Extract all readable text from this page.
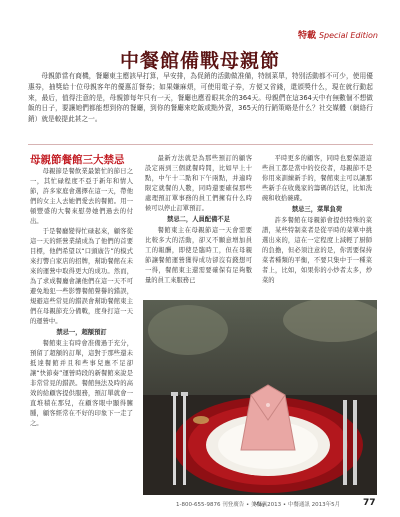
特載 Special Edition
中餐館備戰母親節

母親節當有商機，餐廳東主應該早打算，早安排，為促銷的活動做准備，特制菜單，特別活動都不可少，使用優惠券，抽獎給十位母親客年的優惠訂餐券；如果嫌麻煩，可使用電子券，方便又省錢，還頒獎什么，現在就行動起來，最后，值得注意的是，母親節每年只有一天，餐廳也應看眼其余的364天。母親們在這364天中有無數個不想做飯的日子，要讓她們都能想到你的餐廳，到你的餐廳來吃飯或點外賣，365天的行銷策略是什么？社交媒體（網絡行銷）就是較提此甚之一。

母親節餐館三大禁忌

母親節是餐飲業最繁忙的節日之一，其忙碌程度不亞于新年和情人節，許多家庭會選擇在這一天，帶他們的女主人去她們愛去的餐館。用一頓豐盛的大餐來慰勞她們過去的付出。

于是餐廳變得忙碌起來，顧客從這一天的經營業績成為了他們的首要目標，他們希望以“口頭廣告”的模式來打響自家店的招牌，幫助餐館在未來的運營中取得更大的成功。然而，為了求成餐廳會讓他們在這一天不可避免地犯一些影響餐館聲譽的錯誤，規避這些常見的錯誤會幫助餐館東主們在母親節充分備戰，度身打這一天的運營中。

禁忌一，超額預訂

餐館東主有時會准備過于充分，預留了超額的訂單，這對于那些還未抵達餐館并且和些事兒應不足卻讓“快節奏”運營時段的新餐館來說是非常常見的錯誤。餐館無法及時的高效的給顧客提供服務，預訂單就會一直堆積在那兒，在顧客眼中顯得臃腫，顧客經常在不好的印象下一走了之。

最新方法就是為那些預訂的顧客設定兩到三個就餐時間，比如早上十點，中午十二點和下午兩點，并適時限定就餐的人數，同時還要確保那些處理預訂單事務的員工們擁有什么時候可以停止訂單預訂。

禁忌二，人員配備不足

餐館東主在母親節這一天會需要比較多大的活動，卻又不願意增加員工的報酬，即使是臨時工，但在母親節讓餐館運營獲得成功卻沒有錢想可一得，餐館東主還需要確保有足夠數量的員工來服務已

平時更多的顧客，同時也要保證這些員工都是當中的佼佼者，母親節不是你用來訓練新手的，餐館東主可以讓那些新手在收幾家的籌碼的活兒，比如洗碗和收拾碗碟。

禁忌三，菜單負荷

許多餐館在母親節會提供特殊的菜譜，某些特制菜者是從平時的菜單中挑選出來的，這在一定程度上減輕了厨師的負擔，但必須注意的是，你需要保持菜者種類的平衡，不要只集中于一種菜者上，比如，如果你的小炒者太多，炒菜的

1-800-655-9876 刊登廣告 • 美餐族
May 2013 • 中餐通訊 2013年5月	77
